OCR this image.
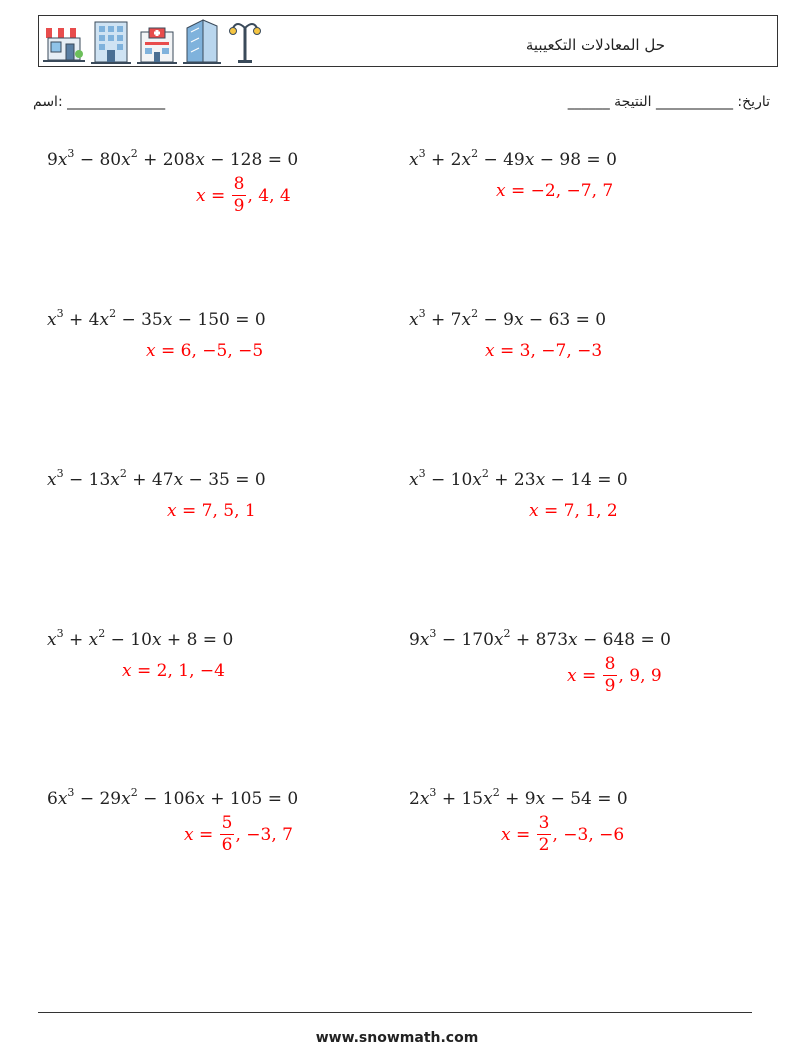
حل المعادلات التكعيبية
اسم: ______________	تاريخ: ___________ النتيجة ______
$9x^3 - 80x^2 + 208x - 128 = 0$
x =
$\frac{8}{9}$ , 4, 4
$x^3 + 2x^2 - 49x - 98 = 0$
x =
−2, −7, 7
$x^3 + 4x^2 - 35x - 150 = 0$
x =
6, −5, −5
$x^3 + 7x^2 - 9x - 63 = 0$
x =
3, −7, −3
$x^3 - 13x^2 + 47x - 35 = 0$
x =
7, 5, 1
$x^3 - 10x^2 + 23x - 14 = 0$
x =
7, 1, 2
$x^3 + x^2 - 10x + 8 = 0$
x =
2, 1, −4
$9x^3 - 170x^2 + 873x - 648 = 0$
x =
$\frac{8}{9}$ , 9, 9
$6x^3 - 29x^2 - 106x + 105 = 0$
x =
$\frac{5}{6}$ , −3, 7
$2x^3 + 15x^2 + 9x - 54 = 0$
x =
$\frac{3}{2}$ , −3, −6
www.snowmath.com
